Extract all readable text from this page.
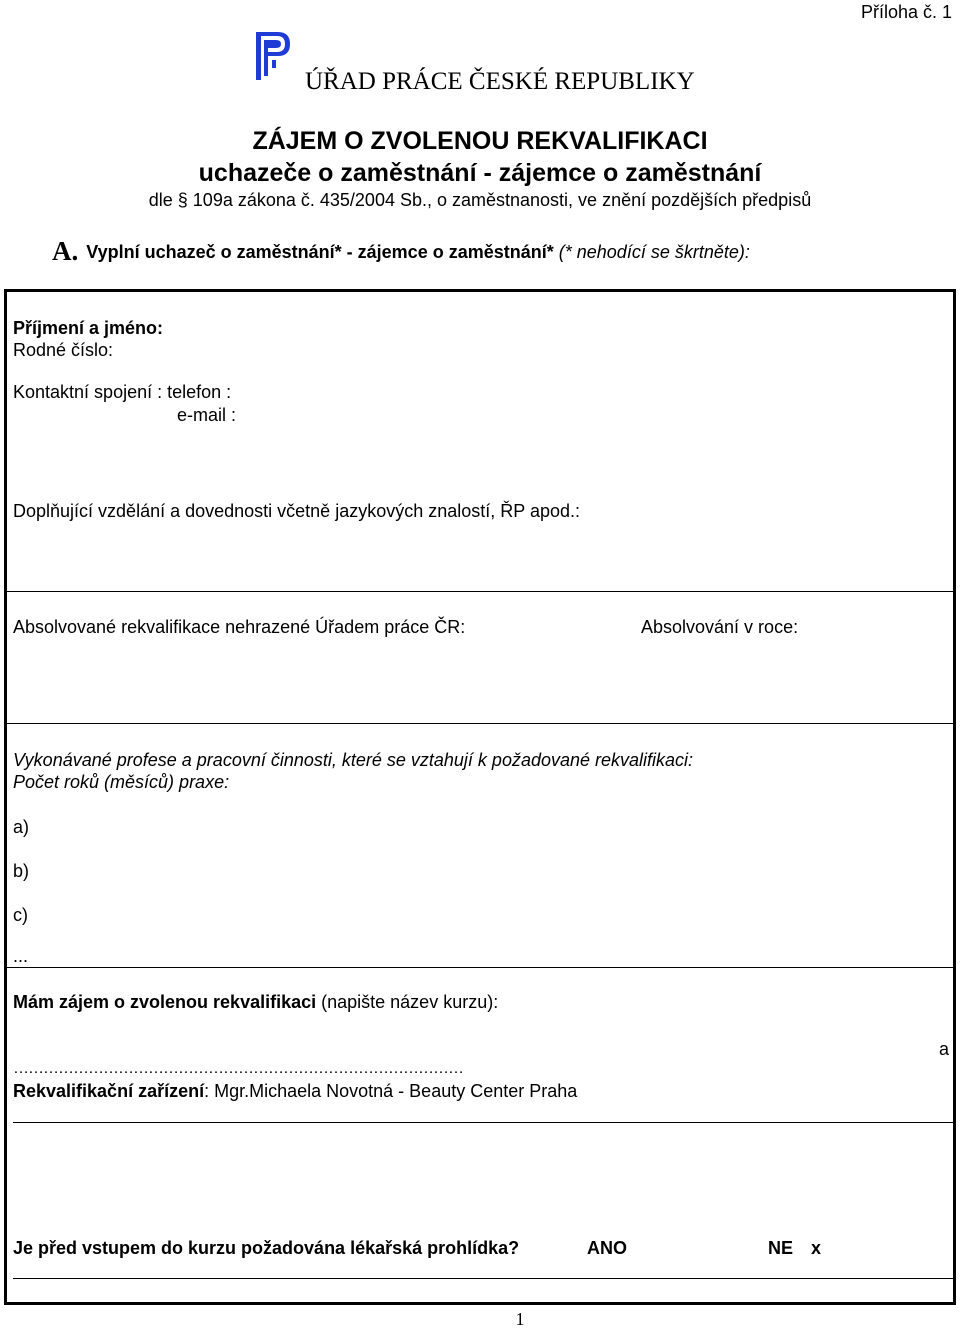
Příloha č. 1
ÚŘAD PRÁCE ČESKÉ REPUBLIKY
ZÁJEM O ZVOLENOU REKVALIFIKACI
uchazeče o zaměstnání - zájemce o zaměstnání
dle § 109a zákona č. 435/2004 Sb., o zaměstnanosti, ve znění pozdějších předpisů
A. Vyplní uchazeč o zaměstnání* - zájemce o zaměstnání* (* nehodící se škrtněte):
Příjmení a jméno:
Rodné číslo:
Kontaktní spojení : telefon :
e-mail :
Doplňující vzdělání a dovednosti včetně jazykových znalostí, ŘP apod.:
Absolvované rekvalifikace nehrazené Úřadem práce ČR:	Absolvování v roce:
Vykonávané profese a pracovní činnosti, které se vztahují k požadované rekvalifikaci:
Počet roků (měsíců) praxe:
a)
b)
c)
...
Mám zájem o zvolenou rekvalifikaci (napište název kurzu):
a
………………………………………………………………………………
Rekvalifikační zařízení: Mgr.Michaela Novotná - Beauty Center Praha
Je před vstupem do kurzu požadována lékařská prohlídka?	ANO	NE x
1
